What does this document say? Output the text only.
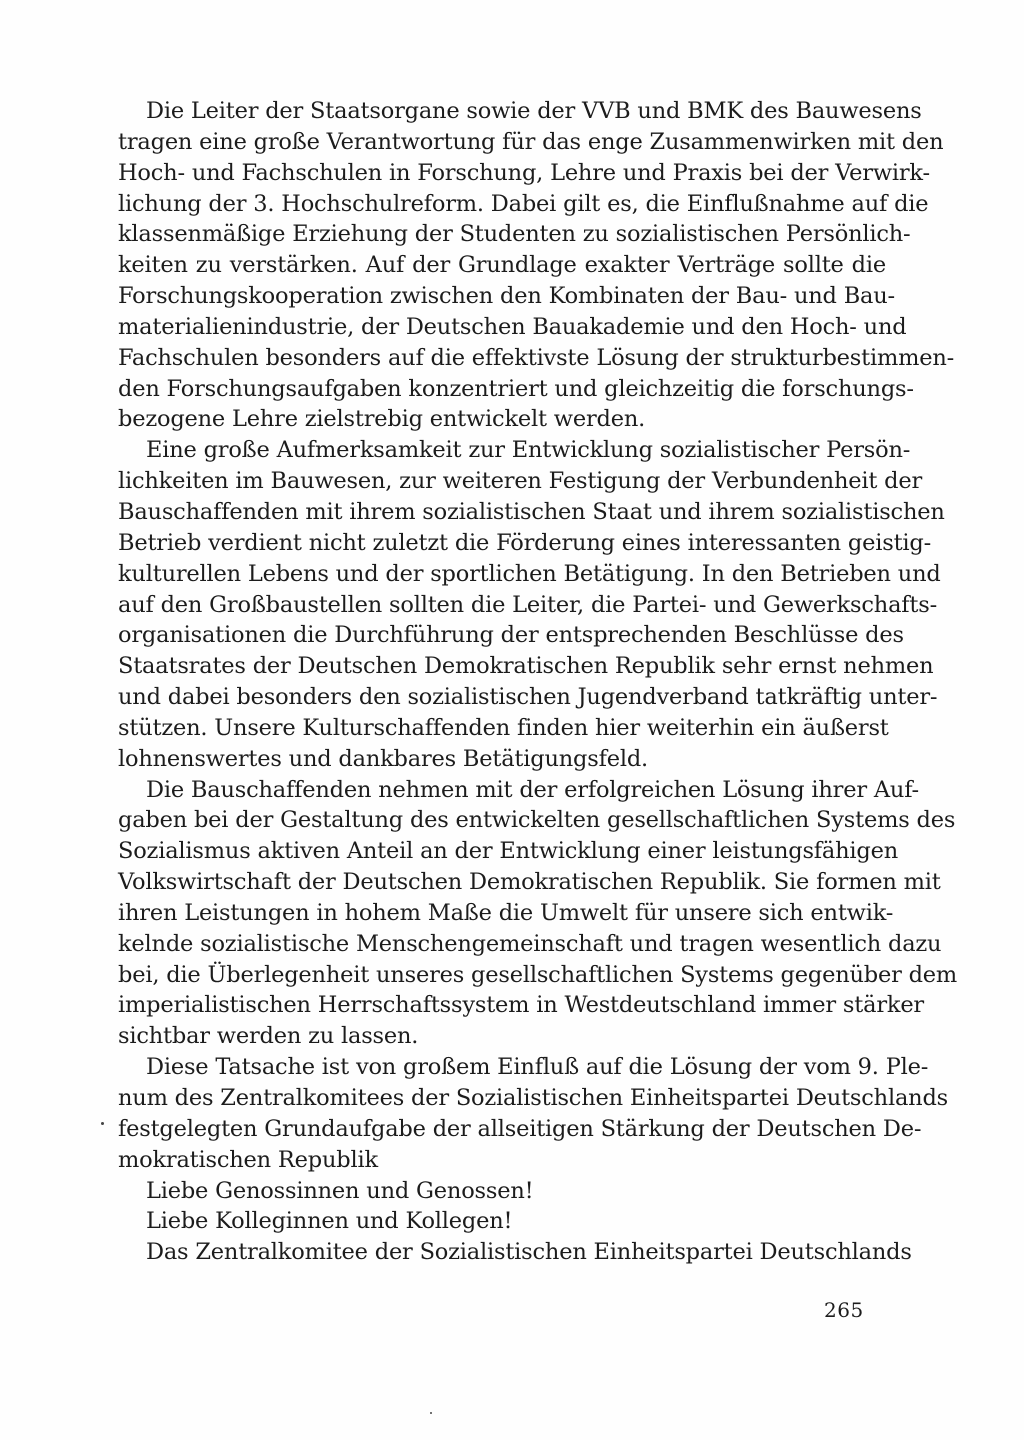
Die Leiter der Staatsorgane sowie der VVB und BMK des Bauwesens
tragen eine große Verantwortung für das enge Zusammenwirken mit den
Hoch- und Fachschulen in Forschung, Lehre und Praxis bei der Verwirk-
lichung der 3. Hochschulreform. Dabei gilt es, die Einflußnahme auf die
klassenmäßige Erziehung der Studenten zu sozialistischen Persönlich-
keiten zu verstärken. Auf der Grundlage exakter Verträge sollte die
Forschungskooperation zwischen den Kombinaten der Bau- und Bau-
materialienindustrie, der Deutschen Bauakademie und den Hoch- und
Fachschulen besonders auf die effektivste Lösung der strukturbestimmen-
den Forschungsaufgaben konzentriert und gleichzeitig die forschungs-
bezogene Lehre zielstrebig entwickelt werden.
Eine große Aufmerksamkeit zur Entwicklung sozialistischer Persön-
lichkeiten im Bauwesen, zur weiteren Festigung der Verbundenheit der
Bauschaffenden mit ihrem sozialistischen Staat und ihrem sozialistischen
Betrieb verdient nicht zuletzt die Förderung eines interessanten geistig-
kulturellen Lebens und der sportlichen Betätigung. In den Betrieben und
auf den Großbaustellen sollten die Leiter, die Partei- und Gewerkschafts-
organisationen die Durchführung der entsprechenden Beschlüsse des
Staatsrates der Deutschen Demokratischen Republik sehr ernst nehmen
und dabei besonders den sozialistischen Jugendverband tatkräftig unter-
stützen. Unsere Kulturschaffenden finden hier weiterhin ein äußerst
lohnenswertes und dankbares Betätigungsfeld.
Die Bauschaffenden nehmen mit der erfolgreichen Lösung ihrer Auf-
gaben bei der Gestaltung des entwickelten gesellschaftlichen Systems des
Sozialismus aktiven Anteil an der Entwicklung einer leistungsfähigen
Volkswirtschaft der Deutschen Demokratischen Republik. Sie formen mit
ihren Leistungen in hohem Maße die Umwelt für unsere sich entwik-
kelnde sozialistische Menschengemeinschaft und tragen wesentlich dazu
bei, die Überlegenheit unseres gesellschaftlichen Systems gegenüber dem
imperialistischen Herrschaftssystem in Westdeutschland immer stärker
sichtbar werden zu lassen.
Diese Tatsache ist von großem Einfluß auf die Lösung der vom 9. Ple-
num des Zentralkomitees der Sozialistischen Einheitspartei Deutschlands
festgelegten Grundaufgabe der allseitigen Stärkung der Deutschen De-
mokratischen Republik
Liebe Genossinnen und Genossen!
Liebe Kolleginnen und Kollegen!
Das Zentralkomitee der Sozialistischen Einheitspartei Deutschlands
265
